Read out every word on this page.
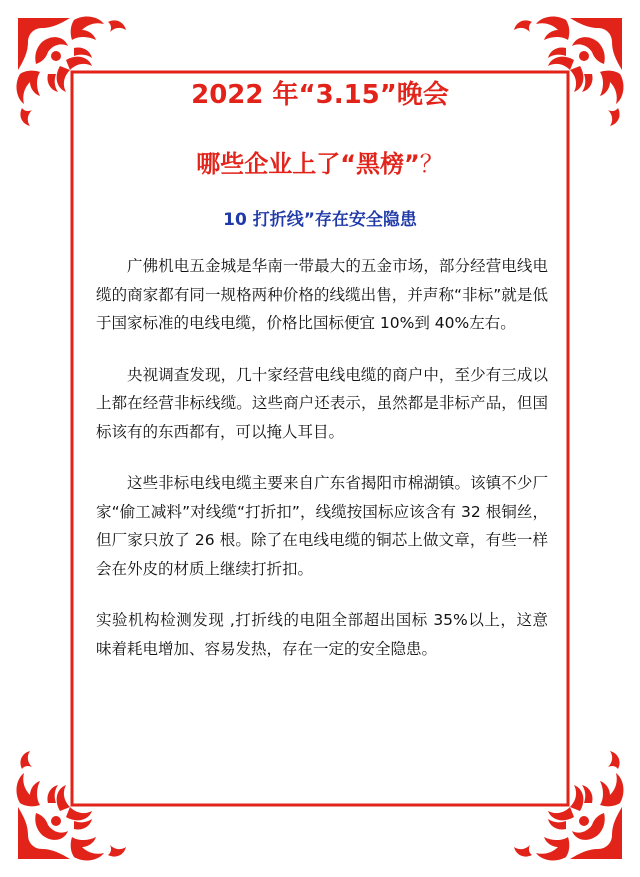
2022 年“3.15”晚会
哪些企业上了“黑榜”？
10 打折线”存在安全隐患

广佛机电五金城是华南一带最大的五金市场，部分经营电线电缆的商家都有同一规格两种价格的线缆出售，并声称“非标”就是低于国家标准的电线电缆，价格比国标便宜 10%到 40%左右。

央视调查发现，几十家经营电线电缆的商户中，至少有三成以上都在经营非标线缆。这些商户还表示，虽然都是非标产品，但国标该有的东西都有，可以掩人耳目。

这些非标电线电缆主要来自广东省揭阳市棉湖镇。该镇不少厂家“偷工减料”对线缆“打折扣”，线缆按国标应该含有 32 根铜丝，但厂家只放了 26 根。除了在电线电缆的铜芯上做文章，有些一样会在外皮的材质上继续打折扣。

实验机构检测发现 ,打折线的电阻全部超出国标 35%以上，这意味着耗电增加、容易发热，存在一定的安全隐患。
